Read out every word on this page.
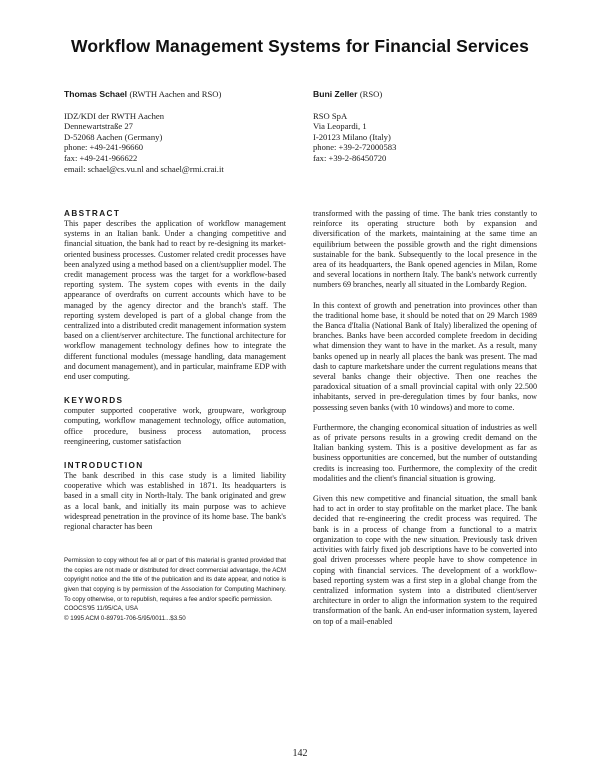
Workflow Management Systems for Financial Services
Thomas Schael (RWTH Aachen and RSO)
IDZ/KDI der RWTH Aachen
Dennewartstraße 27
D-52068 Aachen (Germany)
phone: +49-241-96660
fax: +49-241-966622
email: schael@cs.vu.nl and schael@rmi.crai.it
Buni Zeller (RSO)
RSO SpA
Via Leopardi, 1
I-20123 Milano (Italy)
phone: +39-2-72000583
fax: +39-2-86450720
ABSTRACT
This paper describes the application of workflow management systems in an Italian bank. Under a changing competitive and financial situation, the bank had to react by re-designing its market-oriented business processes. Customer related credit processes have been analyzed using a method based on a client/supplier model. The credit management process was the target for a workflow-based reporting system. The system copes with events in the daily appearance of overdrafts on current accounts which have to be managed by the agency director and the branch's staff. The reporting system developed is part of a global change from the centralized into a distributed credit management information system based on a client/server architecture. The functional architecture for workflow management technology defines how to integrate the different functional modules (message handling, data management and document management), and in particular, mainframe EDP with end user computing.
KEYWORDS
computer supported cooperative work, groupware, workgroup computing, workflow management technology, office automation, office procedure, business process automation, process reengineering, customer satisfaction
INTRODUCTION
The bank described in this case study is a limited liability cooperative which was established in 1871. Its headquarters is based in a small city in North-Italy. The bank originated and grew as a local bank, and initially its main purpose was to achieve widespread penetration in the province of its home base. The bank's regional character has been
Permission to copy without fee all or part of this material is granted provided that the copies are not made or distributed for direct commercial advantage, the ACM copyright notice and the title of the publication and its date appear, and notice is given that copying is by permission of the Association for Computing Machinery. To copy otherwise, or to republish, requires a fee and/or specific permission.
COOCS'95 11/95/CA, USA
© 1995 ACM 0-89791-706-5/95/0011...$3.50
transformed with the passing of time. The bank tries constantly to reinforce its operating structure both by expansion and diversification of the markets, maintaining at the same time an equilibrium between the possible growth and the right dimensions sustainable for the bank. Subsequently to the local presence in the area of its headquarters, the Bank opened agencies in Milan, Rome and several locations in northern Italy. The bank's network currently numbers 69 branches, nearly all situated in the Lombardy Region.
In this context of growth and penetration into provinces other than the traditional home base, it should be noted that on 29 March 1989 the Banca d'Italia (National Bank of Italy) liberalized the opening of branches. Banks have been accorded complete freedom in deciding what dimension they want to have in the market. As a result, many banks opened up in nearly all places the bank was present. The mad dash to capture marketshare under the current regulations means that several banks change their objective. Then one reaches the paradoxical situation of a small provincial capital with only 22.500 inhabitants, served in pre-deregulation times by four banks, now possessing seven banks (with 10 windows) and more to come.
Furthermore, the changing economical situation of industries as well as of private persons results in a growing credit demand on the Italian banking system. This is a positive development as far as business opportunities are concerned, but the number of outstanding credits is increasing too. Furthermore, the complexity of the credit modalities and the client's financial situation is growing.
Given this new competitive and financial situation, the small bank had to act in order to stay profitable on the market place. The bank decided that re-engineering the credit process was required. The bank is in a process of change from a functional to a matrix organization to cope with the new situation. Previously task driven activities with fairly fixed job descriptions have to be converted into goal driven processes where people have to show competence in coping with financial services. The development of a workflow-based reporting system was a first step in a global change from the centralized information system into a distributed client/server architecture in order to align the information system to the required transformation of the bank. An end-user information system, layered on top of a mail-enabled
142
